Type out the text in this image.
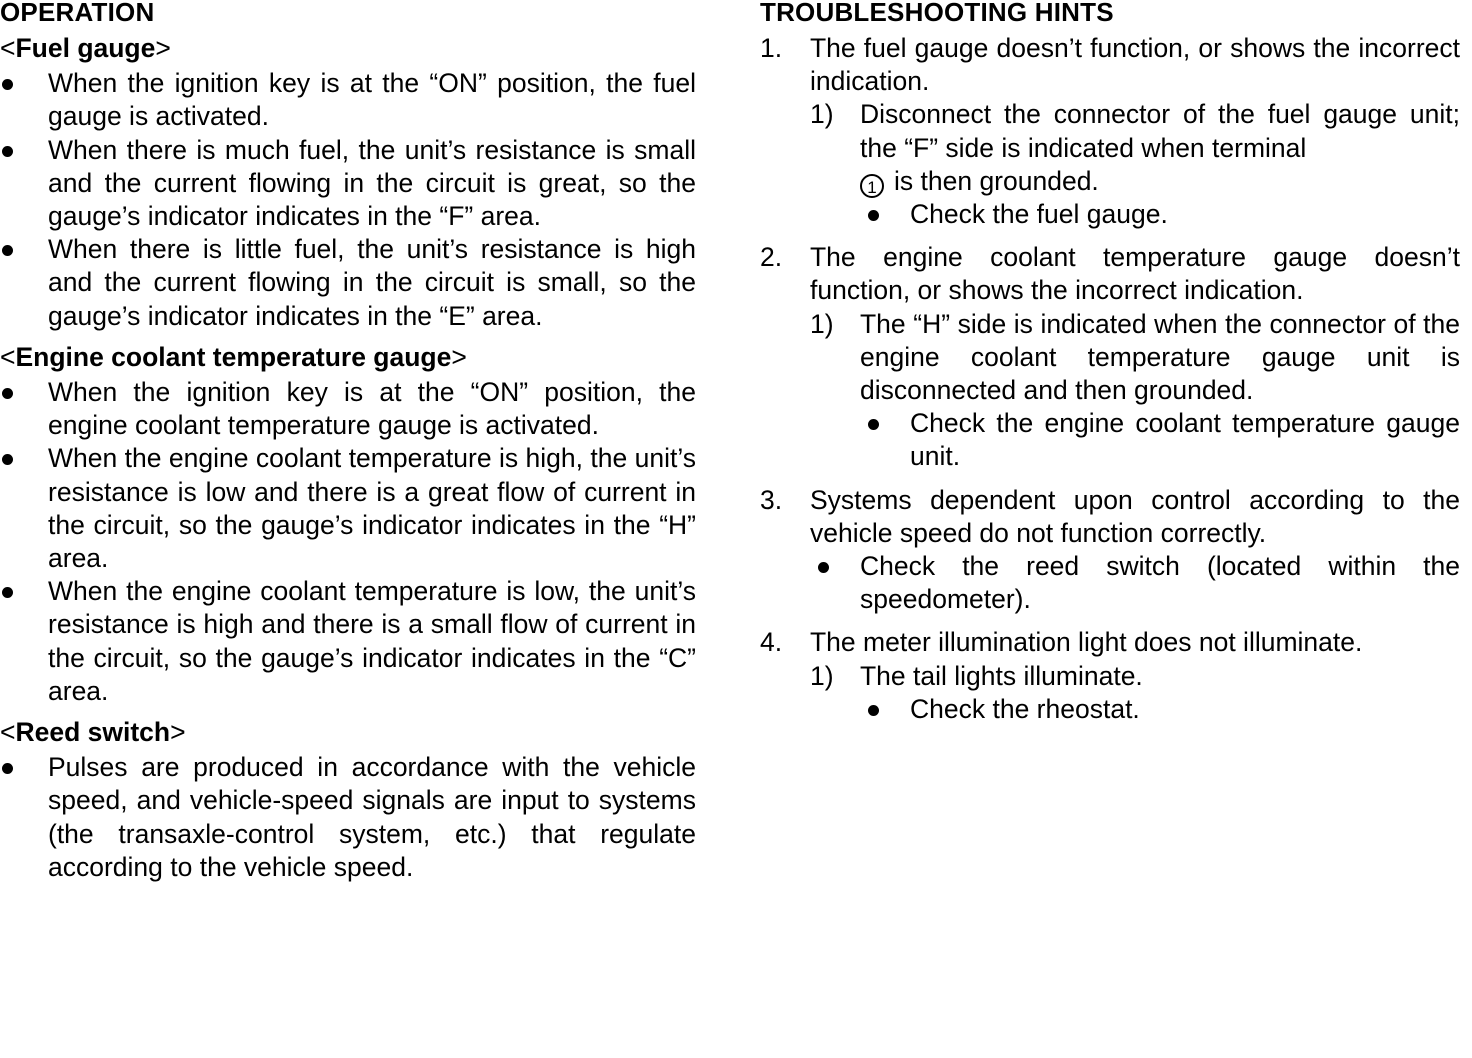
OPERATION
<Fuel gauge>
When the ignition key is at the “ON” position, the fuel gauge is activated.
When there is much fuel, the unit’s resistance is small and the current flowing in the circuit is great, so the gauge’s indicator indicates in the “F” area.
When there is little fuel, the unit’s resistance is high and the current flowing in the circuit is small, so the gauge’s indicator indicates in the “E” area.
<Engine coolant temperature gauge>
When the ignition key is at the “ON” position, the engine coolant temperature gauge is activated.
When the engine coolant temperature is high, the unit’s resistance is low and there is a great flow of current in the circuit, so the gauge’s indicator indicates in the “H” area.
When the engine coolant temperature is low, the unit’s resistance is high and there is a small flow of current in the circuit, so the gauge’s indicator indicates in the “C” area.
<Reed switch>
Pulses are produced in accordance with the vehicle speed, and vehicle-speed signals are input to systems (the transaxle-control system, etc.) that regulate according to the vehicle speed.
TROUBLESHOOTING HINTS
1. The fuel gauge doesn’t function, or shows the incorrect indication.
1) Disconnect the connector of the fuel gauge unit; the “F” side is indicated when terminal
1 is then grounded.
Check the fuel gauge.
2. The engine coolant temperature gauge doesn’t function, or shows the incorrect indication.
1) The “H” side is indicated when the connector of the engine coolant temperature gauge unit is disconnected and then grounded.
Check the engine coolant temperature gauge unit.
3. Systems dependent upon control according to the vehicle speed do not function correctly.
Check the reed switch (located within the speedometer).
4. The meter illumination light does not illuminate.
1) The tail lights illuminate.
Check the rheostat.
